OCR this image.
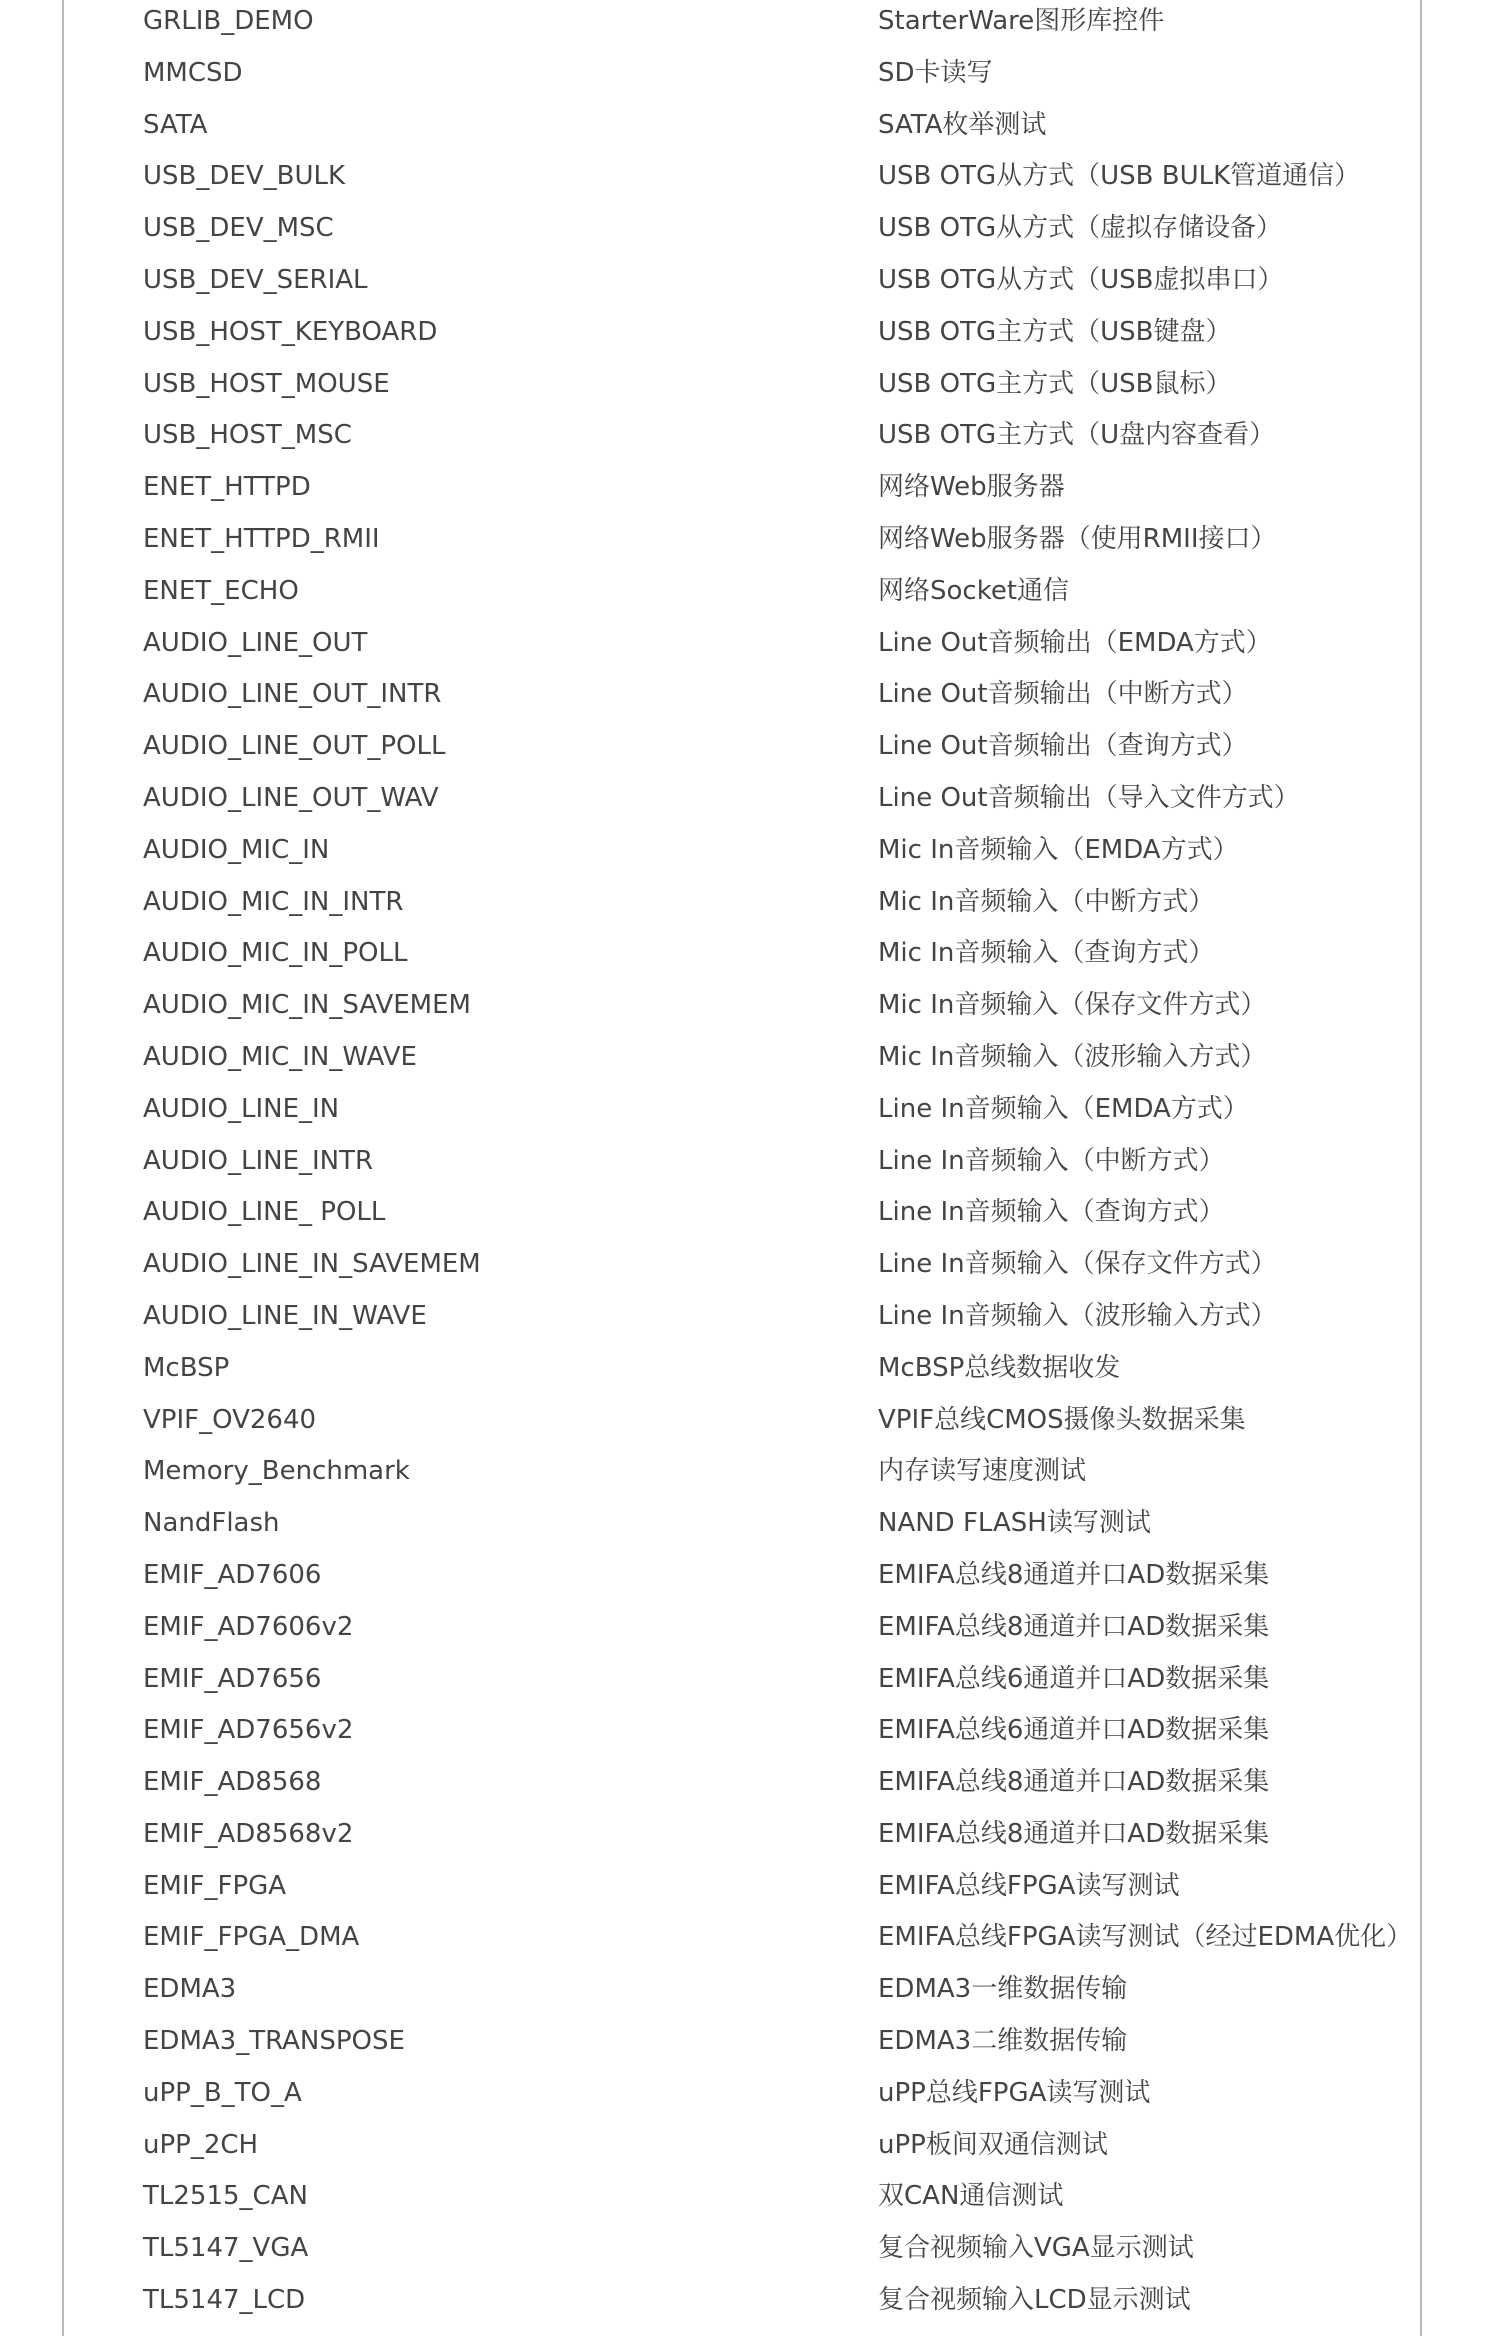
GRLIB_DEMO	StarterWare图形库控件
MMCSD	SD卡读写
SATA	SATA枚举测试
USB_DEV_BULK	USB OTG从方式（USB BULK管道通信）
USB_DEV_MSC	USB OTG从方式（虚拟存储设备）
USB_DEV_SERIAL	USB OTG从方式（USB虚拟串口）
USB_HOST_KEYBOARD	USB OTG主方式（USB键盘）
USB_HOST_MOUSE	USB OTG主方式（USB鼠标）
USB_HOST_MSC	USB OTG主方式（U盘内容查看）
ENET_HTTPD	网络Web服务器
ENET_HTTPD_RMII	网络Web服务器（使用RMII接口）
ENET_ECHO	网络Socket通信
AUDIO_LINE_OUT	Line Out音频输出（EMDA方式）
AUDIO_LINE_OUT_INTR	Line Out音频输出（中断方式）
AUDIO_LINE_OUT_POLL	Line Out音频输出（查询方式）
AUDIO_LINE_OUT_WAV	Line Out音频输出（导入文件方式）
AUDIO_MIC_IN	Mic In音频输入（EMDA方式）
AUDIO_MIC_IN_INTR	Mic In音频输入（中断方式）
AUDIO_MIC_IN_POLL	Mic In音频输入（查询方式）
AUDIO_MIC_IN_SAVEMEM	Mic In音频输入（保存文件方式）
AUDIO_MIC_IN_WAVE	Mic In音频输入（波形输入方式）
AUDIO_LINE_IN	Line In音频输入（EMDA方式）
AUDIO_LINE_INTR	Line In音频输入（中断方式）
AUDIO_LINE_ POLL	Line In音频输入（查询方式）
AUDIO_LINE_IN_SAVEMEM	Line In音频输入（保存文件方式）
AUDIO_LINE_IN_WAVE	Line In音频输入（波形输入方式）
McBSP	McBSP总线数据收发
VPIF_OV2640	VPIF总线CMOS摄像头数据采集
Memory_Benchmark	内存读写速度测试
NandFlash	NAND FLASH读写测试
EMIF_AD7606	EMIFA总线8通道并口AD数据采集
EMIF_AD7606v2	EMIFA总线8通道并口AD数据采集
EMIF_AD7656	EMIFA总线6通道并口AD数据采集
EMIF_AD7656v2	EMIFA总线6通道并口AD数据采集
EMIF_AD8568	EMIFA总线8通道并口AD数据采集
EMIF_AD8568v2	EMIFA总线8通道并口AD数据采集
EMIF_FPGA	EMIFA总线FPGA读写测试
EMIF_FPGA_DMA	EMIFA总线FPGA读写测试（经过EDMA优化）
EDMA3	EDMA3一维数据传输
EDMA3_TRANSPOSE	EDMA3二维数据传输
uPP_B_TO_A	uPP总线FPGA读写测试
uPP_2CH	uPP板间双通信测试
TL2515_CAN	双CAN通信测试
TL5147_VGA	复合视频输入VGA显示测试
TL5147_LCD	复合视频输入LCD显示测试
